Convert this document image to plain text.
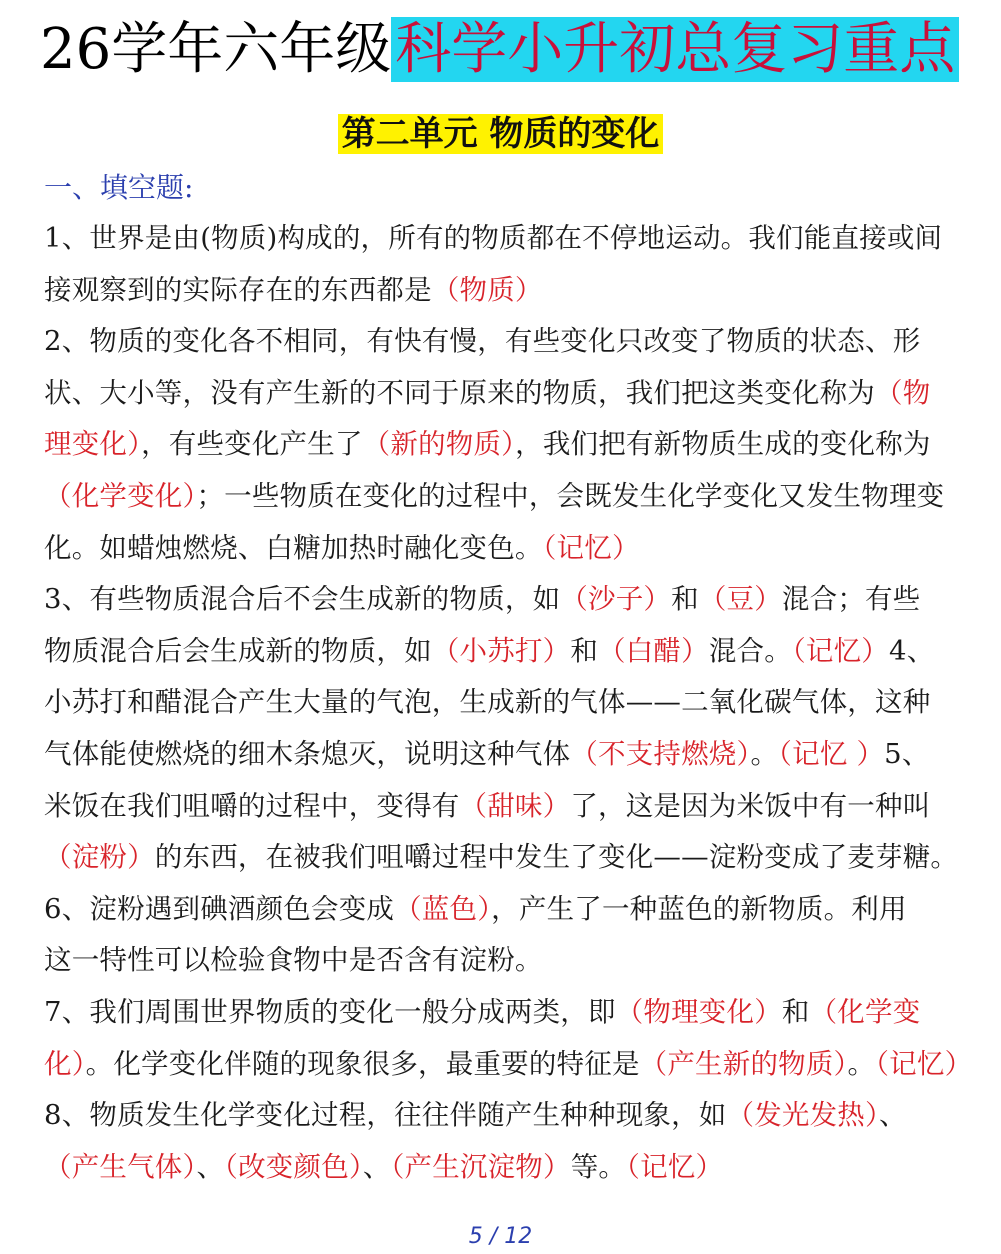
26学年六年级科学小升初总复习重点
第二单元 物质的变化
一、填空题:
1、世界是由(物质)构成的，所有的物质都在不停地运动。我们能直接或间
接观察到的实际存在的东西都是（物质）
2、物质的变化各不相同，有快有慢，有些变化只改变了物质的状态、形
状、大小等，没有产生新的不同于原来的物质，我们把这类变化称为（物
理变化），有些变化产生了（新的物质），我们把有新物质生成的变化称为
（化学变化）；一些物质在变化的过程中，会既发生化学变化又发生物理变
化。如蜡烛燃烧、白糖加热时融化变色。（记忆）
3、有些物质混合后不会生成新的物质，如（沙子）和（豆）混合；有些
物质混合后会生成新的物质，如（小苏打）和（白醋）混合。（记忆）4、
小苏打和醋混合产生大量的气泡，生成新的气体——二氧化碳气体，这种
气体能使燃烧的细木条熄灭，说明这种气体（不支持燃烧）。（记忆 ）5、
米饭在我们咀嚼的过程中，变得有（甜味）了，这是因为米饭中有一种叫
（淀粉）的东西，在被我们咀嚼过程中发生了变化——淀粉变成了麦芽糖。
6、淀粉遇到碘酒颜色会变成（蓝色），产生了一种蓝色的新物质。利用
这一特性可以检验食物中是否含有淀粉。
7、我们周围世界物质的变化一般分成两类，即（物理变化）和（化学变
化）。化学变化伴随的现象很多，最重要的特征是（产生新的物质）。（记忆）
8、物质发生化学变化过程，往往伴随产生种种现象，如（发光发热）、
（产生气体）、（改变颜色）、（产生沉淀物）等。（记忆）
5 / 12
